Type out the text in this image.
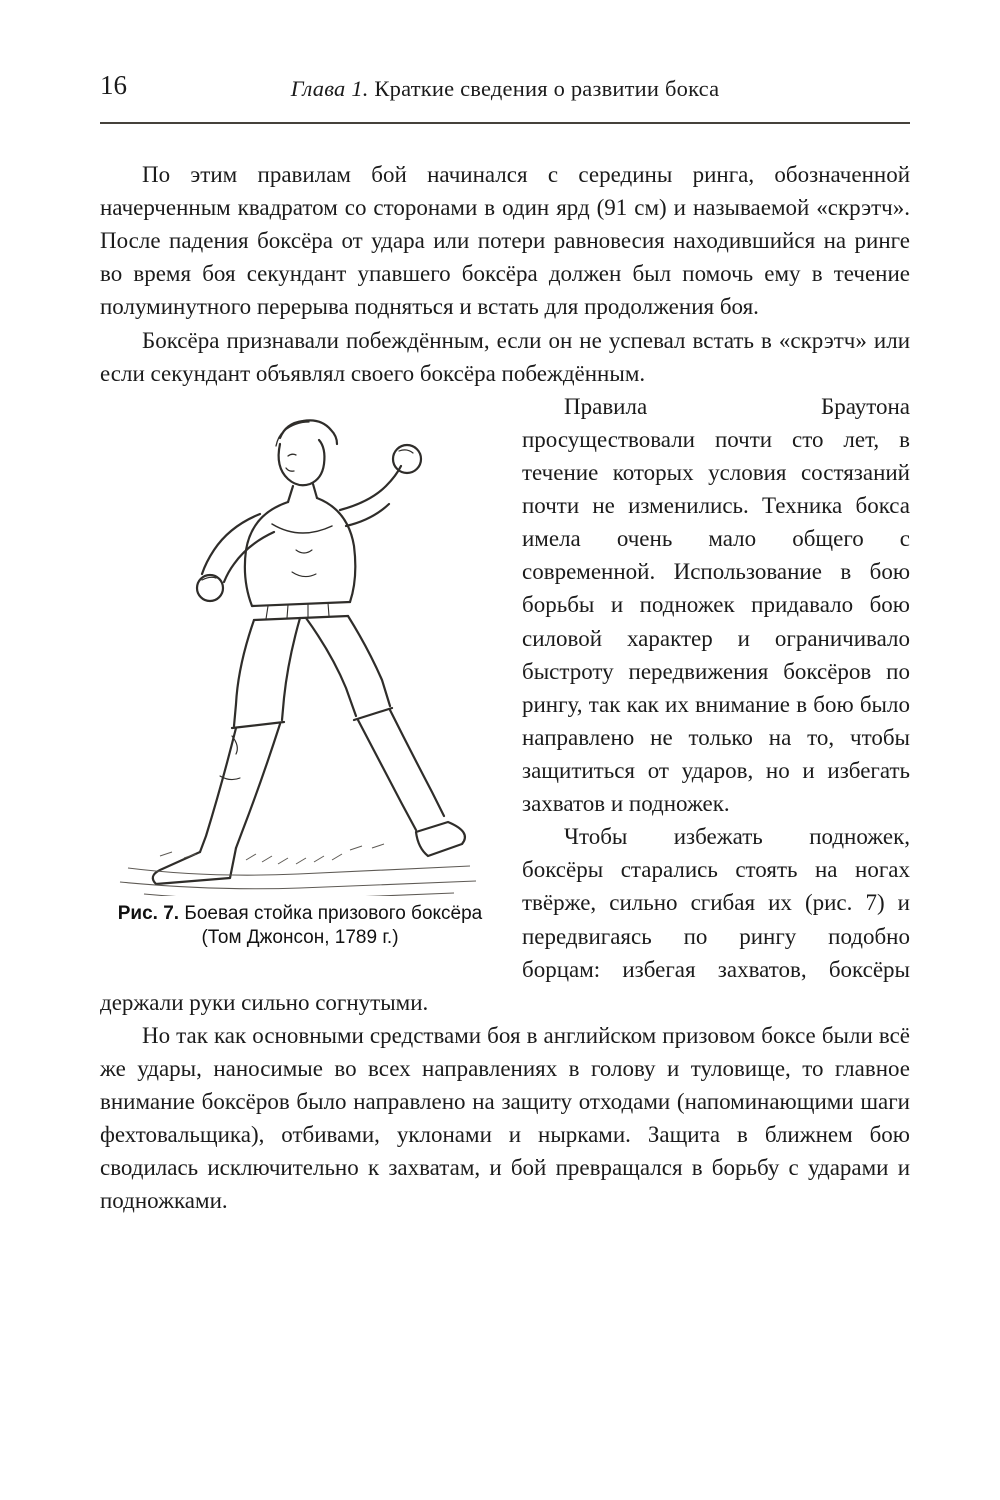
16	Глава 1. Краткие сведения о развитии бокса

По этим правилам бой начинался с середины ринга, обозначенной начерченным квадратом со сторонами в один ярд (91 см) и называемой «скрэтч». После падения боксёра от удара или потери равновесия находившийся на ринге во время боя секундант упавшего боксёра должен был помочь ему в течение полуминутного перерыва подняться и встать для продолжения боя.

Боксёра признавали побеждённым, если он не успевал встать в «скрэтч» или если секундант объявлял своего боксёра побеждённым.

Рис. 7. Боевая стойка призового боксёра
(Том Джонсон, 1789 г.)

Правила Браутона просуществовали почти сто лет, в течение которых условия состязаний почти не изменились. Техника бокса имела очень мало общего с современной. Использование в бою борьбы и подножек придавало бою силовой характер и ограничивало быстроту передвижения боксёров по рингу, так как их внимание в бою было направлено не только на то, чтобы защититься от ударов, но и избегать захватов и подножек.

Чтобы избежать подножек, боксёры старались стоять на ногах твёрже, сильно сгибая их (рис. 7) и передвигаясь по рингу подобно борцам: избегая захватов, боксёры держали руки сильно согнутыми.

Но так как основными средствами боя в английском призовом боксе были всё же удары, наносимые во всех направлениях в голову и туловище, то главное внимание боксёров было направлено на защиту отходами (напоминающими шаги фехтовальщика), отбивами, уклонами и нырками. Защита в ближнем бою сводилась исключительно к захватам, и бой превращался в борьбу с ударами и подножками.
